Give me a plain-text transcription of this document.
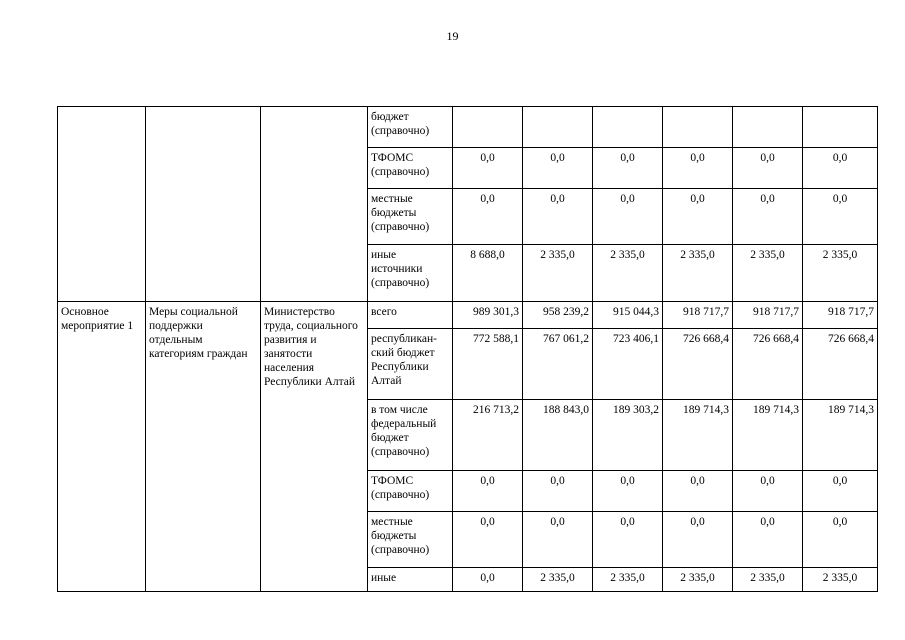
19
			бюджет (справочно)						
			ТФОМС (справочно)	0,0	0,0	0,0	0,0	0,0	0,0
			местные бюджеты (справочно)	0,0	0,0	0,0	0,0	0,0	0,0
			иные источники (справочно)	8 688,0	2 335,0	2 335,0	2 335,0	2 335,0	2 335,0
Основное мероприятие 1	Меры социальной поддержки отдельным категориям граждан	Министерство труда, социального развития и занятости населения Республики Алтай	всего	989 301,3	958 239,2	915 044,3	918 717,7	918 717,7	918 717,7
			республикан-ский бюджет Республики Алтай	772 588,1	767 061,2	723 406,1	726 668,4	726 668,4	726 668,4
			в том числе федеральный бюджет (справочно)	216 713,2	188 843,0	189 303,2	189 714,3	189 714,3	189 714,3
			ТФОМС (справочно)	0,0	0,0	0,0	0,0	0,0	0,0
			местные бюджеты (справочно)	0,0	0,0	0,0	0,0	0,0	0,0
			иные	0,0	2 335,0	2 335,0	2 335,0	2 335,0	2 335,0
